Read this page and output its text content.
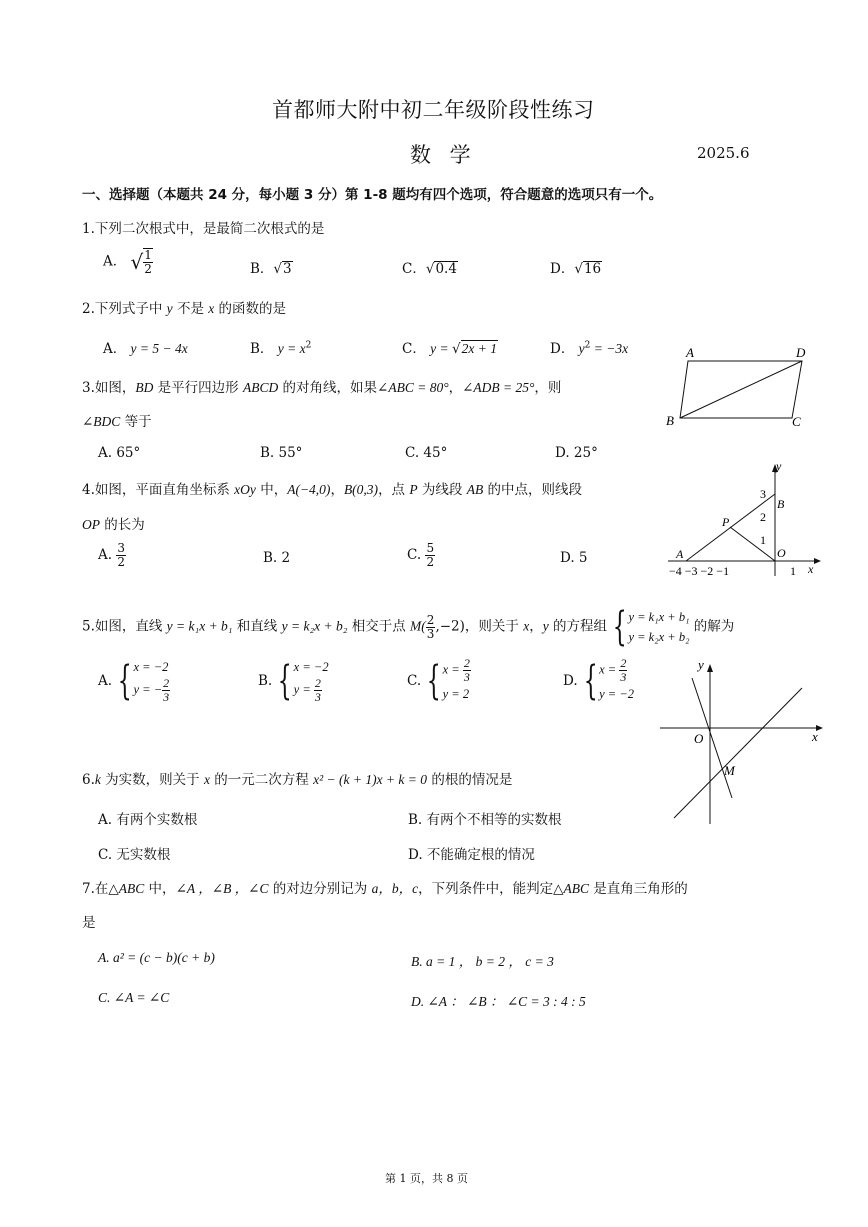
首都师大附中初二年级阶段性练习
数 学	2025.6
一、选择题（本题共 24 分，每小题 3 分）第 1-8 题均有四个选项，符合题意的选项只有一个。
1.下列二次根式中，是最简二次根式的是
A． √ $\frac{1}{2}$	B．√3	C．√0.4	D．√16
2.下列式子中 y 不是 x 的函数的是
A． y = 5 − 4x	B． $y = x^2$	C． y = √2x + 1	D． $y^2 = -3x$
3.如图，BD 是平行四边形 ABCD 的对角线，如果∠ABC = 80°，∠ADB = 25°，则
∠BDC 等于
A. 65°	B. 55°	C. 45°	D. 25°
A	D
B	C
4.如图，平面直角坐标系 xOy 中，A(−4,0)，B(0,3)，点 P 为线段 AB 的中点，则线段
OP 的长为
A. $\frac{3}{2}$	B. 2	C. $\frac{5}{2}$	D. 5
y
x
B
P
A	O
3
2
1
−4 −3 −2 −1	1
5.如图，直线 y = k₁x + b₁ 和直线 y = k₂x + b₂ 相交于点 $M( \frac{2}{3} ,-2)$，则关于 x，y 的方程组 { y = k₁x + b₁
y = k₂x + b₂
的解为
A. { x = −2
y = − $\frac{2}{3}$	B. { x = −2
$y = \frac{2}{3}$	C. { $x = \frac{2}{3}$
y = 2
D. { $x = \frac{2}{3}$
y = −2
y
x
O
M
6.k 为实数，则关于 x 的一元二次方程 x² − (k + 1)x + k = 0 的根的情况是
A. 有两个实数根	B. 有两个不相等的实数根
C. 无实数根	D. 不能确定根的情况
7.在△ABC 中，∠A ，∠B ，∠C 的对边分别记为 a，b，c，下列条件中，能判定△ABC 是直角三角形的
是
A. a² = (c − b)(c + b)	B. a = 1 ， b = 2 ， c = 3
C. ∠A = ∠C	D. ∠A ： ∠B ： ∠C = 3 : 4 : 5
第 1 页，共 8 页
